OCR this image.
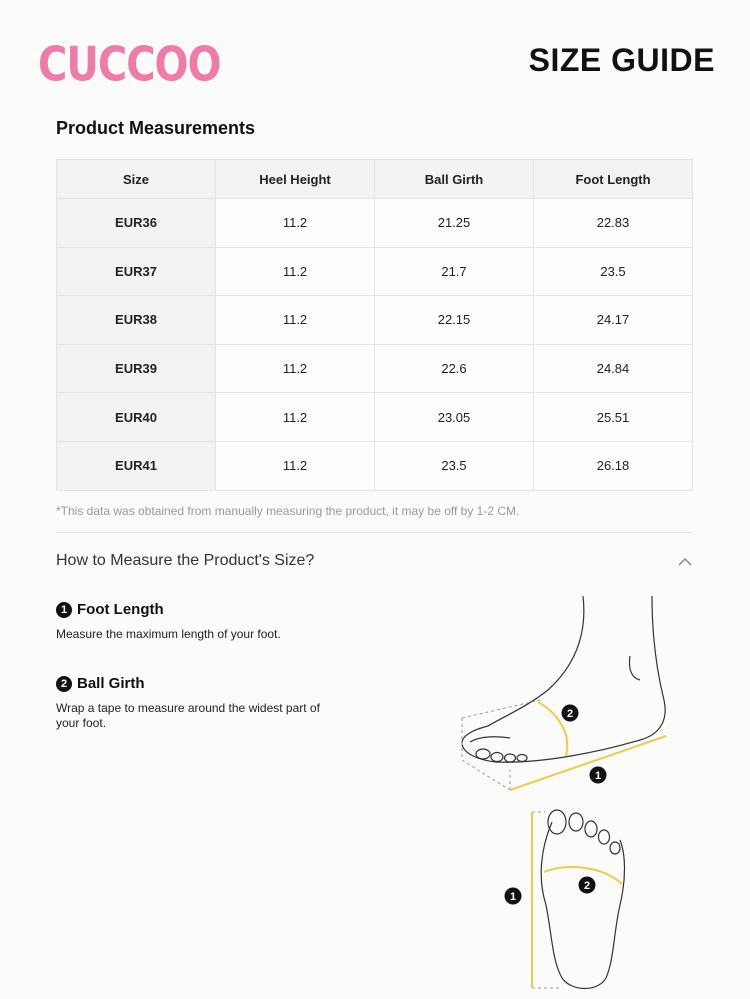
CUCCOO	SIZE GUIDE
Product Measurements
Size	Heel Height	Ball Girth	Foot Length
EUR36	11.2	21.25	22.83
EUR37	11.2	21.7	23.5
EUR38	11.2	22.15	24.17
EUR39	11.2	22.6	24.84
EUR40	11.2	23.05	25.51
EUR41	11.2	23.5	26.18
*This data was obtained from manually measuring the product, it may be off by 1-2 CM.
How to Measure the Product's Size?
1 Foot Length
Measure the maximum length of your foot.
2 Ball Girth
Wrap a tape to measure around the widest part of
your foot.
2
1
2
1
